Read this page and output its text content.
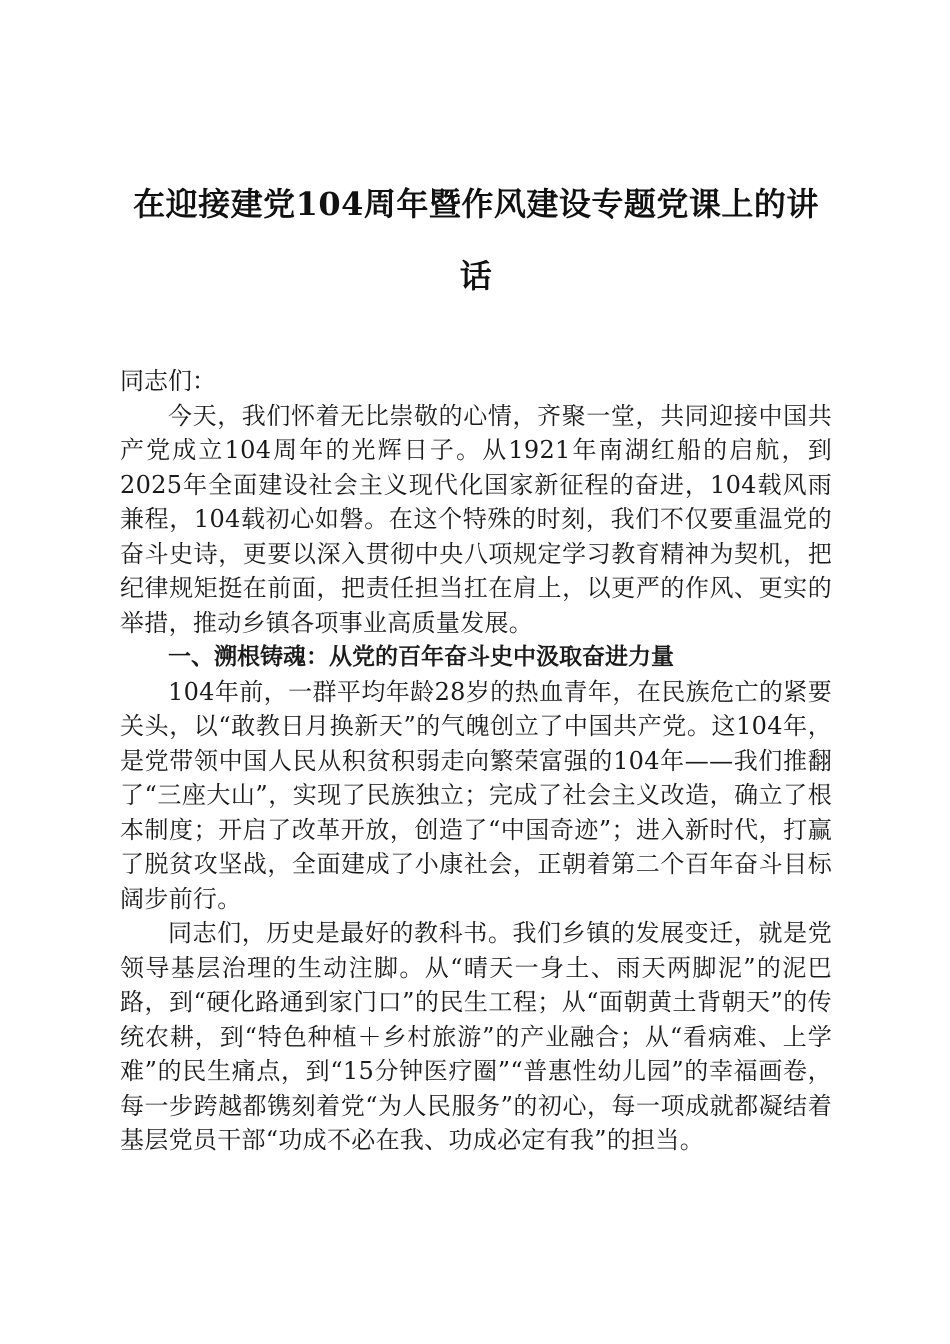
在迎接建党104周年暨作风建设专题党课上的讲话

同志们：

今天，我们怀着无比崇敬的心情，齐聚一堂，共同迎接中国共产党成立104周年的光辉日子。从1921年南湖红船的启航，到2025年全面建设社会主义现代化国家新征程的奋进，104载风雨兼程，104载初心如磐。在这个特殊的时刻，我们不仅要重温党的奋斗史诗，更要以深入贯彻中央八项规定学习教育精神为契机，把纪律规矩挺在前面，把责任担当扛在肩上，以更严的作风、更实的举措，推动乡镇各项事业高质量发展。

一、溯根铸魂：从党的百年奋斗史中汲取奋进力量

104年前，一群平均年龄28岁的热血青年，在民族危亡的紧要关头，以“敢教日月换新天”的气魄创立了中国共产党。这104年，是党带领中国人民从积贫积弱走向繁荣富强的104年——我们推翻了“三座大山”，实现了民族独立；完成了社会主义改造，确立了根本制度；开启了改革开放，创造了“中国奇迹”；进入新时代，打赢了脱贫攻坚战，全面建成了小康社会，正朝着第二个百年奋斗目标阔步前行。

同志们，历史是最好的教科书。我们乡镇的发展变迁，就是党领导基层治理的生动注脚。从“晴天一身土、雨天两脚泥”的泥巴路，到“硬化路通到家门口”的民生工程；从“面朝黄土背朝天”的传统农耕，到“特色种植＋乡村旅游”的产业融合；从“看病难、上学难”的民生痛点，到“15分钟医疗圈”“普惠性幼儿园”的幸福画卷，每一步跨越都镌刻着党“为人民服务”的初心，每一项成就都凝结着基层党员干部“功成不必在我、功成必定有我”的担当。
